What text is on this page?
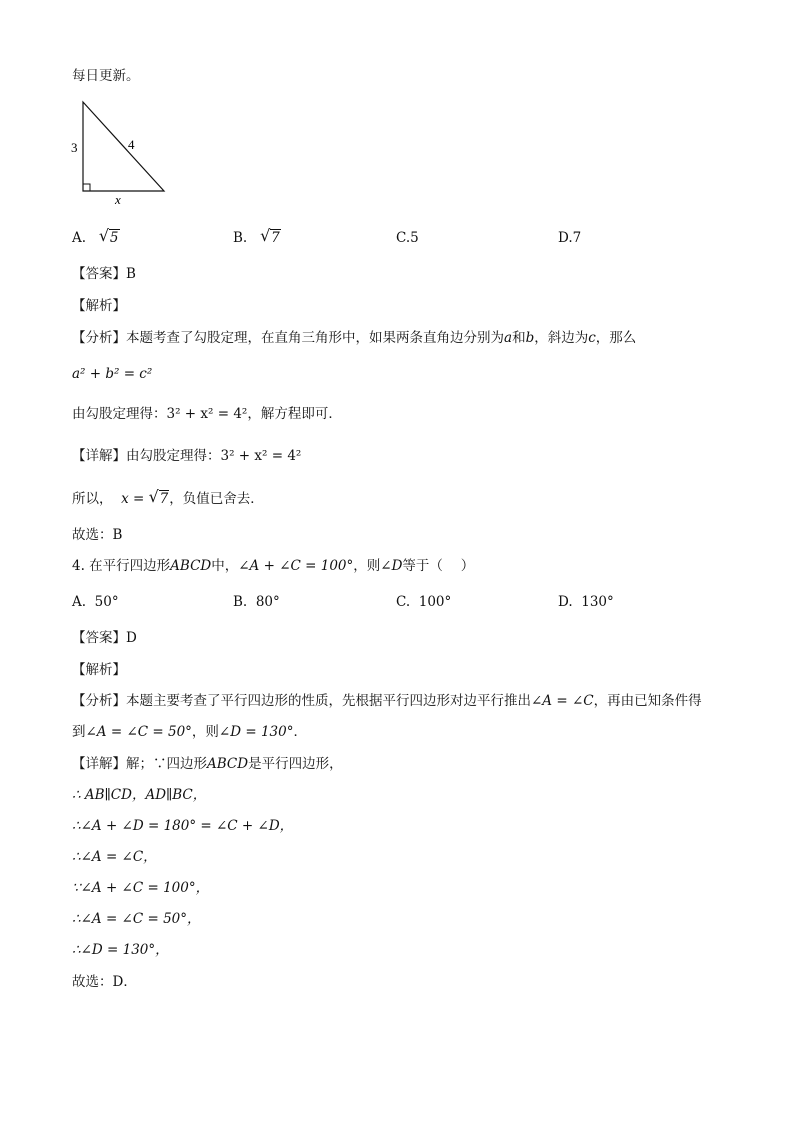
每日更新。
3	4
x
A. √ 5	B. √ 7	C.5	D.7
【答案】B
【解析】
【分析】本题考查了勾股定理，在直角三角形中，如果两条直角边分别为a和b，斜边为c，那么
a² + b² = c²
由勾股定理得：3² + x² = 4²，解方程即可．
【详解】由勾股定理得：3² + x² = 4²
所以， x = √ 7，负值已舍去．
故选：B
4. 在平行四边形ABCD中，∠A + ∠C = 100°，则∠D等于（　 ）
A. 50°	B. 80°	C. 100°	D. 130°
【答案】D
【解析】
【分析】本题主要考查了平行四边形的性质，先根据平行四边形对边平行推出∠A = ∠C，再由已知条件得
到∠A = ∠C = 50°，则∠D = 130°．
【详解】解；∵四边形ABCD是平行四边形，
∴ AB∥CD，AD∥BC，
∴∠A + ∠D = 180° = ∠C + ∠D，
∴∠A = ∠C，
∵∠A + ∠C = 100°，
∴∠A = ∠C = 50°，
∴∠D = 130°，
故选：D．
